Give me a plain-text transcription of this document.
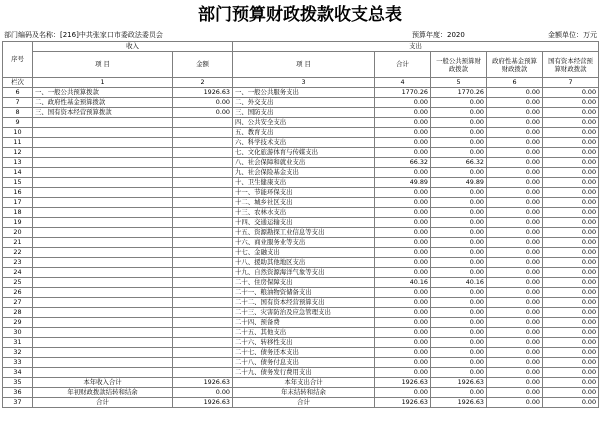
部门预算财政拨款收支总表
部门编码及名称：[216]中共张家口市委政法委员会	预算年度：2020	金额单位：万元
序号	收入		支出				
	项 目	金额	项 目	合计	一般公共预算财政拨款	政府性基金预算财政拨款	国有资本经营预算财政拨款
栏次	1	2	3	4	5	6	7
6	一、一般公共预算拨款	1926.63	一、一般公共服务支出	1770.26	1770.26	0.00	0.00
7	二、政府性基金预算拨款	0.00	二、外交支出	0.00	0.00	0.00	0.00
8	三、国有资本经营预算拨款	0.00	三、国防支出	0.00	0.00	0.00	0.00
9			四、公共安全支出	0.00	0.00	0.00	0.00
10			五、教育支出	0.00	0.00	0.00	0.00
11			六、科学技术支出	0.00	0.00	0.00	0.00
12			七、文化旅游体育与传媒支出	0.00	0.00	0.00	0.00
13			八、社会保障和就业支出	66.32	66.32	0.00	0.00
14			九、社会保险基金支出	0.00	0.00	0.00	0.00
15			十、卫生健康支出	49.89	49.89	0.00	0.00
16			十一、节能环保支出	0.00	0.00	0.00	0.00
17			十二、城乡社区支出	0.00	0.00	0.00	0.00
18			十三、农林水支出	0.00	0.00	0.00	0.00
19			十四、交通运输支出	0.00	0.00	0.00	0.00
20			十五、资源勘探工业信息等支出	0.00	0.00	0.00	0.00
21			十六、商业服务业等支出	0.00	0.00	0.00	0.00
22			十七、金融支出	0.00	0.00	0.00	0.00
23			十八、援助其他地区支出	0.00	0.00	0.00	0.00
24			十九、自然资源海洋气象等支出	0.00	0.00	0.00	0.00
25			二十、住房保障支出	40.16	40.16	0.00	0.00
26			二十一、粮油物资储备支出	0.00	0.00	0.00	0.00
27			二十二、国有资本经营预算支出	0.00	0.00	0.00	0.00
28			二十三、灾害防治及应急管理支出	0.00	0.00	0.00	0.00
29			二十四、预备费	0.00	0.00	0.00	0.00
30			二十五、其他支出	0.00	0.00	0.00	0.00
31			二十六、转移性支出	0.00	0.00	0.00	0.00
32			二十七、债务还本支出	0.00	0.00	0.00	0.00
33			二十八、债务付息支出	0.00	0.00	0.00	0.00
34			二十九、债务发行费用支出	0.00	0.00	0.00	0.00
35	本年收入合计	1926.63	本年支出合计	1926.63	1926.63	0.00	0.00
36	年初财政拨款结转和结余	0.00	年末结转和结余	0.00	0.00	0.00	0.00
37	合计	1926.63	合计	1926.63	1926.63	0.00	0.00
